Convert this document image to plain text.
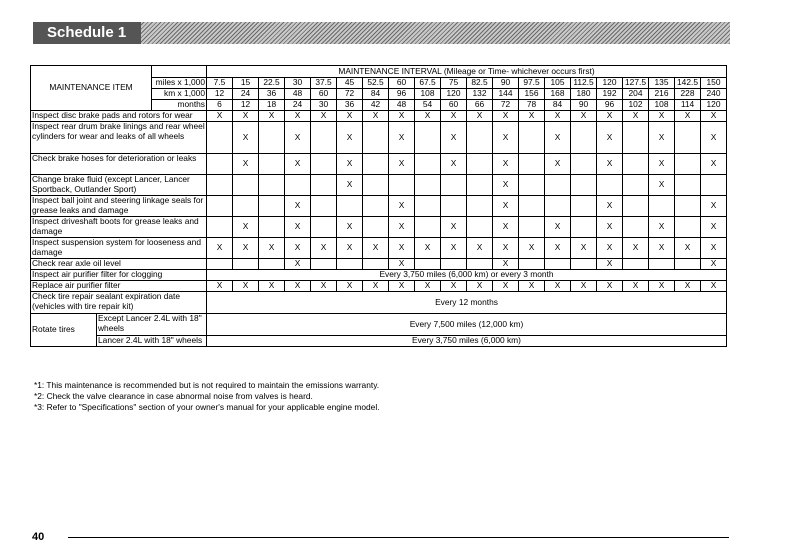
Schedule 1
MAINTENANCE ITEM			MAINTENANCE INTERVAL (Mileage or Time- whichever occurs first)																			
		miles x 1,000	7.5	15	22.5	30	37.5	45	52.5	60	67.5	75	82.5	90	97.5	105	112.5	120	127.5	135	142.5	150
		km x 1,000	12	24	36	48	60	72	84	96	108	120	132	144	156	168	180	192	204	216	228	240
		months	6	12	18	24	30	36	42	48	54	60	66	72	78	84	90	96	102	108	114	120
Inspect disc brake pads and rotors for wear			X	X	X	X	X	X	X	X	X	X	X	X	X	X	X	X	X	X	X	X
Inspect rear drum brake linings and rear wheel cylinders for wear and leaks of all wheels				X		X		X		X		X		X		X		X		X		X
Check brake hoses for deterioration or leaks				X		X		X		X		X		X		X		X		X		X
Change brake fluid (except Lancer, Lancer Sportback, Outlander Sport)								X						X						X		
Inspect ball joint and steering linkage seals for grease leaks and damage						X				X				X				X				X
Inspect driveshaft boots for grease leaks and damage				X		X		X		X		X		X		X		X		X		X
Inspect suspension system for looseness and damage			X	X	X	X	X	X	X	X	X	X	X	X	X	X	X	X	X	X	X	X
Check rear axle oil level						X				X				X				X				X
Inspect air purifier filter for clogging			Every 3,750 miles (6,000 km) or every 3 month																			
Replace air purifier filter			X	X	X	X	X	X	X	X	X	X	X	X	X	X	X	X	X	X	X	X
Check tire repair sealant expiration date (vehicles with tire repair kit)			Every 12 months																			
Rotate tires	Except Lancer 2.4L with 18" wheels		Every 7,500 miles (12,000 km)																			
	Lancer 2.4L with 18" wheels		Every 3,750 miles (6,000 km)																			
*1: This maintenance is recommended but is not required to maintain the emissions warranty.
*2: Check the valve clearance in case abnormal noise from valves is heard.
*3: Refer to "Specifications" section of your owner's manual for your applicable engine model.
40
